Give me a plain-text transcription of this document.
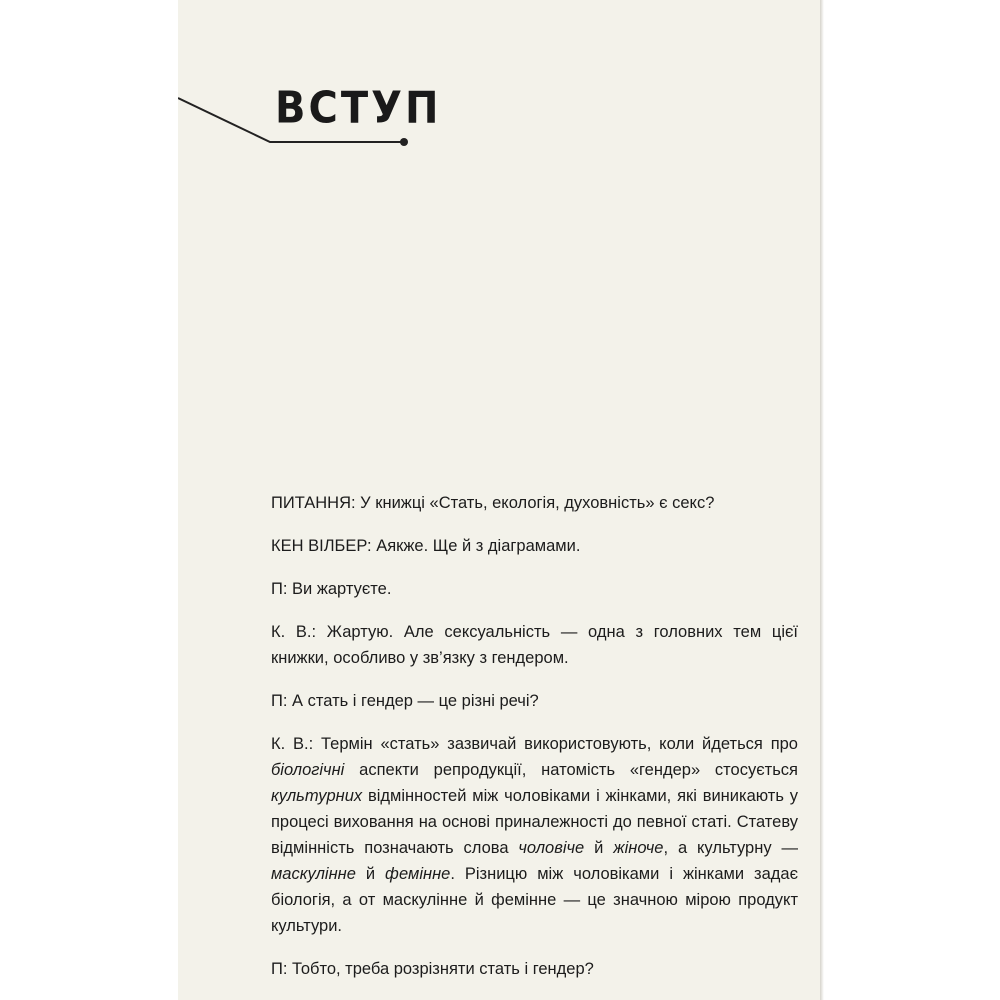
ВСТУП

ПИТАННЯ: У книжці «Стать, екологія, духовність» є секс?

КЕН ВІЛБЕР: Аякже. Ще й з діаграмами.

П: Ви жартуєте.

К. В.: Жартую. Але сексуальність — одна з головних тем цієї книжки, особливо у зв’язку з гендером.

П: А стать і гендер — це різні речі?

К. В.: Термін «стать» зазвичай використовують, коли йдеться про біологічні аспекти репродукції, натомість «гендер» стосується культурних відмінностей між чоловіками і жінками, які виникають у процесі виховання на основі приналежності до певної статі. Статеву відмінність позначають слова чоловіче й жіноче, а культурну — маскулінне й фемінне. Різницю між чоловіками і жінками задає біологія, а от маскулінне й фемінне — це значною мірою продукт культури.

П: Тобто, треба розрізняти стать і гендер?
